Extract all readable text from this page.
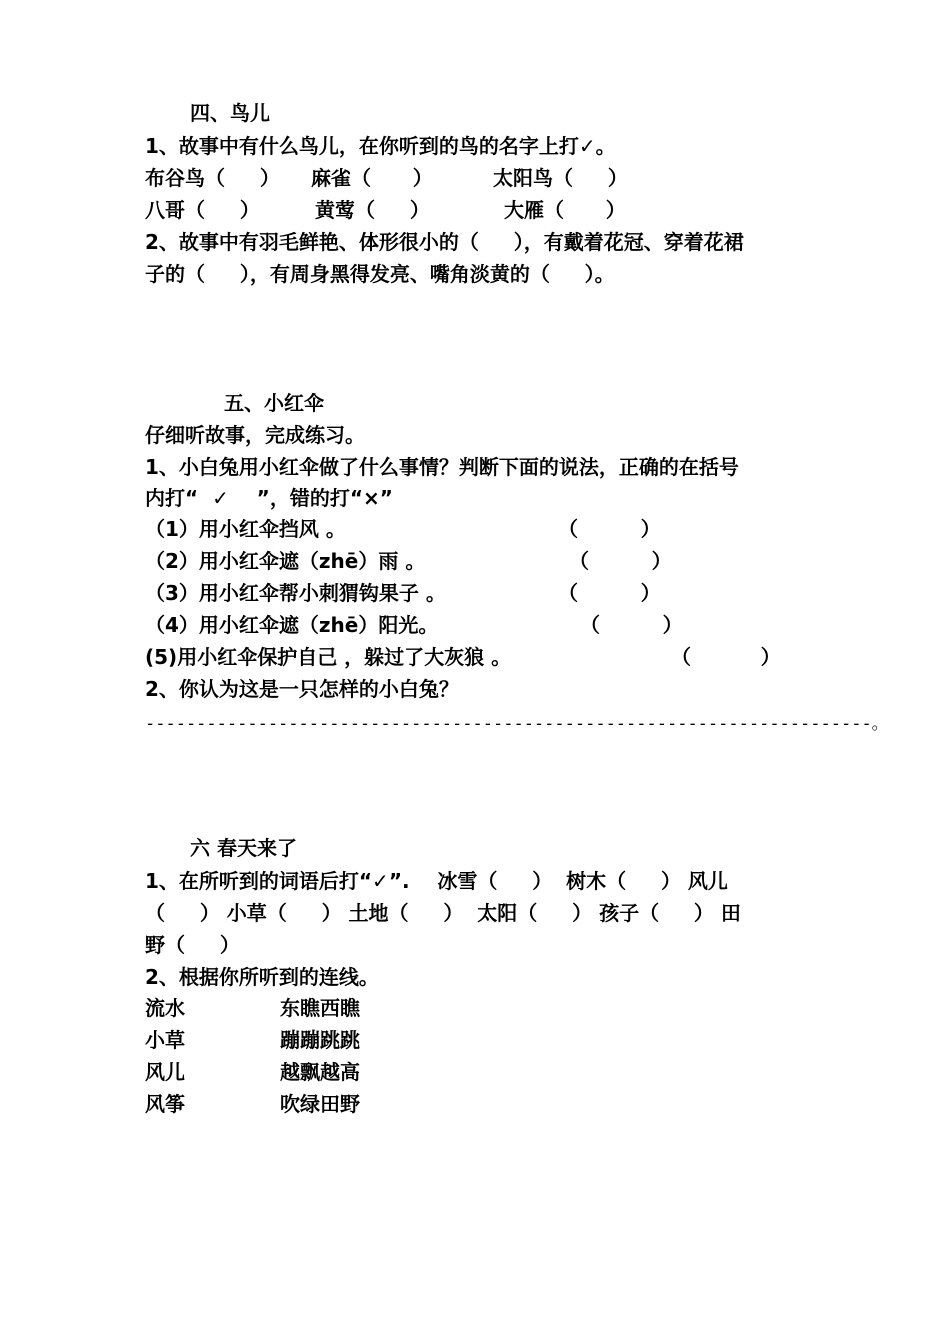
四、鸟儿
1、故事中有什么鸟儿，在你听到的鸟的名字上打✓。
布谷鸟（     ） 麻雀（      ）	太阳鸟（     ）
八哥（     ）	黄莺（     ）	大雁（      ）
2、故事中有羽毛鲜艳、体形很小的（     ），有戴着花冠、穿着花裙
子的（     ），有周身黑得发亮、嘴角淡黄的（     ）。
五、小红伞
仔细听故事，完成练习。
1、小白兔用小红伞做了什么事情？判断下面的说法，正确的在括号
内打“  ✓    ”，错的打“×”
（1）用小红伞挡风 。	（         ）
（2）用小红伞遮（zhē）雨 。	（         ）
（3）用小红伞帮小刺猬钩果子 。	（         ）
（4）用小红伞遮（zhē）阳光。	（         ）
(5)用小红伞保护自己 ，躲过了大灰狼 。	（          ）
2、你认为这是一只怎样的小白兔？
-----------------------------------------------------------------------。
六 春天来了
1、在所听到的词语后打“✓”.    冰雪（     ）  树木（     ） 风儿
（     ） 小草（     ） 土地（     ）  太阳（     ） 孩子（     ） 田
野（     ）
2、根据你所听到的连线。
流水	东瞧西瞧
小草	蹦蹦跳跳
风儿	越飘越高
风筝	吹绿田野
